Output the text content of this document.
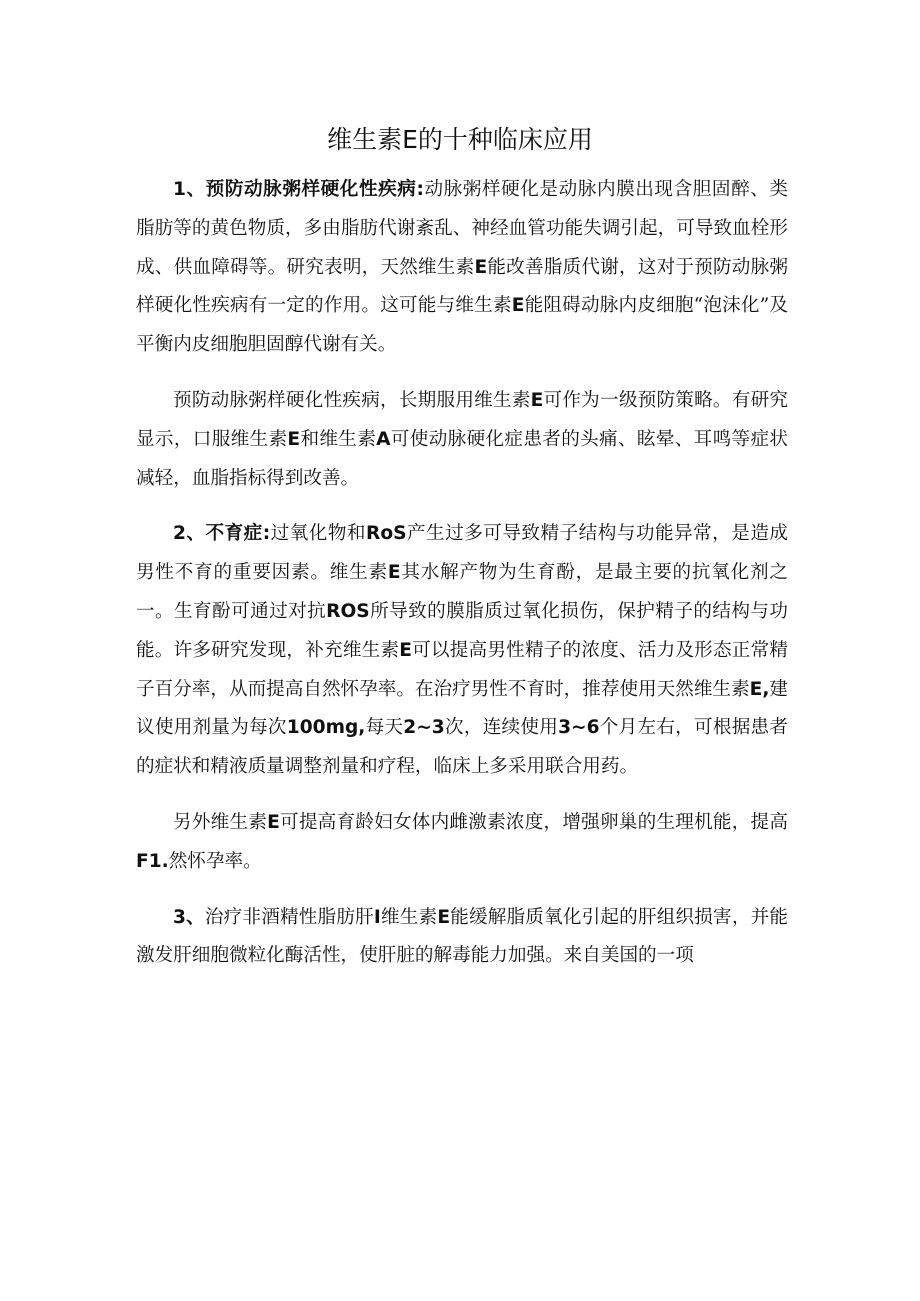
维生素E的十种临床应用

1、预防动脉粥样硬化性疾病:动脉粥样硬化是动脉内膜出现含胆固醉、类脂肪等的黄色物质，多由脂肪代谢紊乱、神经血管功能失调引起，可导致血栓形成、供血障碍等。研究表明，天然维生素E能改善脂质代谢，这对于预防动脉粥样硬化性疾病有一定的作用。这可能与维生素E能阻碍动脉内皮细胞“泡沫化”及平衡内皮细胞胆固醇代谢有关。

预防动脉粥样硬化性疾病，长期服用维生素E可作为一级预防策略。有研究显示，口服维生素E和维生素A可使动脉硬化症患者的头痛、眩晕、耳鸣等症状减轻，血脂指标得到改善。

2、不育症:过氧化物和RoS产生过多可导致精子结构与功能异常，是造成男性不育的重要因素。维生素E其水解产物为生育酚，是最主要的抗氧化剂之一。生育酚可通过对抗ROS所导致的膜脂质过氧化损伤，保护精子的结构与功能。许多研究发现，补充维生素E可以提高男性精子的浓度、活力及形态正常精子百分率，从而提高自然怀孕率。在治疗男性不育时，推荐使用天然维生素E,建议使用剂量为每次100mg,每天2~3次，连续使用3~6个月左右，可根据患者的症状和精液质量调整剂量和疗程，临床上多采用联合用药。

另外维生素E可提高育龄妇女体内雌激素浓度，增强卵巢的生理机能，提高F1.然怀孕率。

3、治疗非酒精性脂肪肝I维生素E能缓解脂质氧化引起的肝组织损害，并能激发肝细胞微粒化酶活性，使肝脏的解毒能力加强。来自美国的一项
